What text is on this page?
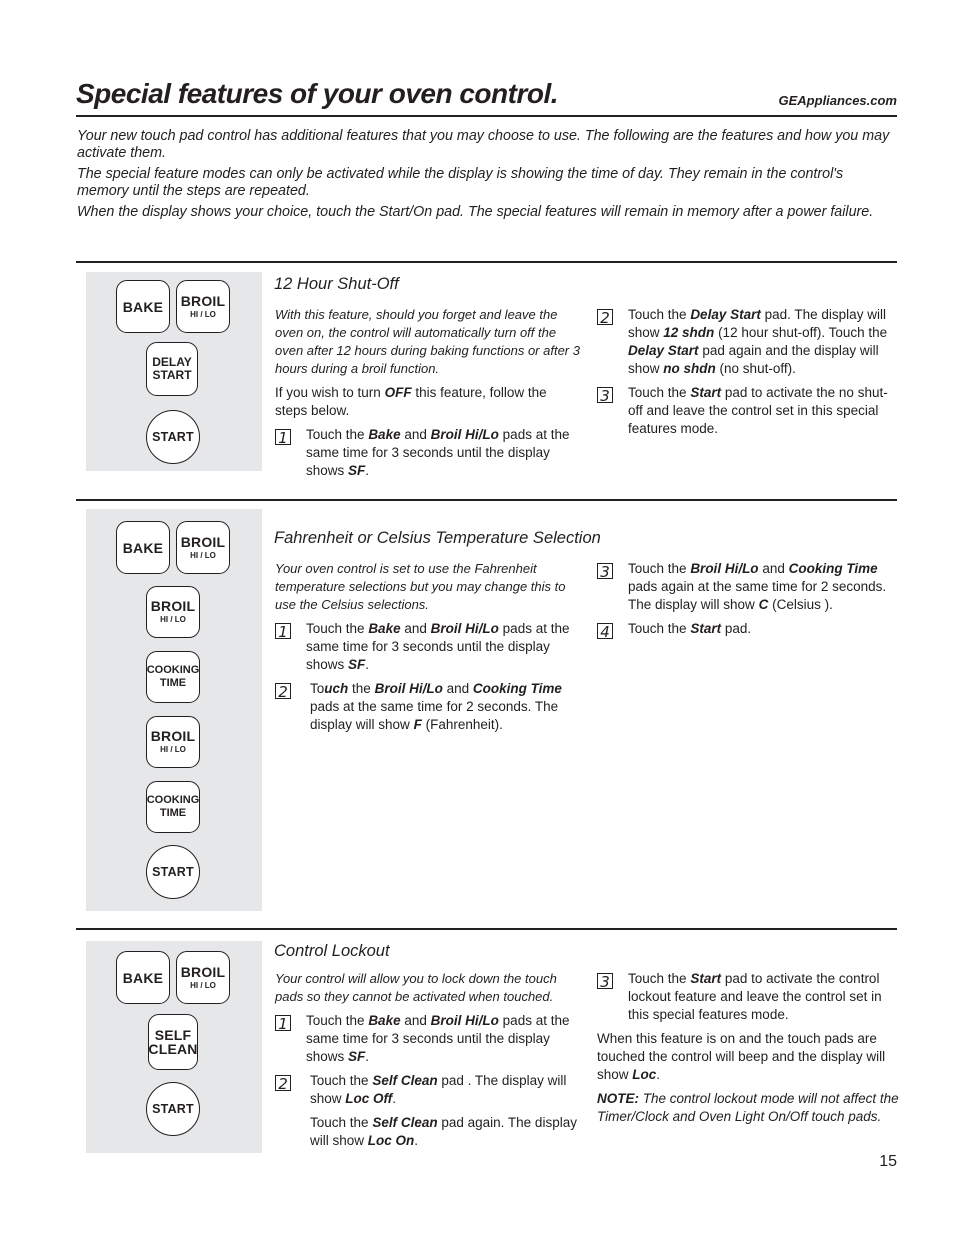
Special features of your oven control.	GEAppliances.com

Your new touch pad control has additional features that you may choose to use. The following are the features and how you may activate them.

The special feature modes can only be activated while the display is showing the time of day. They remain in the control's memory until the steps are repeated.

When the display shows your choice, touch the Start/On pad. The special features will remain in memory after a power failure.

BAKE BROIL
HI / LO
DELAY
START
START
12 Hour Shut-Off

With this feature, should you forget and leave the oven on, the control will automatically turn off the oven after 12 hours during baking functions or after 3 hours during a broil function.

If you wish to turn OFF this feature, follow the steps below.

1 Touch the Bake and Broil Hi/Lo pads at the same time for 3 seconds until the display shows SF.
2 Touch the Delay Start pad. The display will show 12 shdn (12 hour shut-off). Touch the Delay Start pad again and the display will show no shdn (no shut-off).
3 Touch the Start pad to activate the no shut-off and leave the control set in this special features mode.
BAKE BROIL
HI / LO
BROIL
HI / LO
COOKING
TIME
BROIL
HI / LO
COOKING
TIME
START
Fahrenheit or Celsius Temperature Selection

Your oven control is set to use the Fahrenheit temperature selections but you may change this to use the Celsius selections.

1 Touch the Bake and Broil Hi/Lo pads at the same time for 3 seconds until the display shows SF.
2 Touch the Broil Hi/Lo and Cooking Time pads at the same time for 2 seconds. The display will show F (Fahrenheit).
3 Touch the Broil Hi/Lo and Cooking Time pads again at the same time for 2 seconds. The display will show C (Celsius ).
4 Touch the Start pad.
BAKE BROIL
HI / LO
SELF
CLEAN
START
Control Lockout

Your control will allow you to lock down the touch pads so they cannot be activated when touched.

1 Touch the Bake and Broil Hi/Lo pads at the same time for 3 seconds until the display shows SF.
2 Touch the Self Clean pad . The display will show Loc Off.
Touch the Self Clean pad again. The display will show Loc On.
3 Touch the Start pad to activate the control lockout feature and leave the control set in this special features mode.

When this feature is on and the touch pads are touched the control will beep and the display will show Loc.

NOTE: The control lockout mode will not affect the Timer/Clock and Oven Light On/Off touch pads.

15
